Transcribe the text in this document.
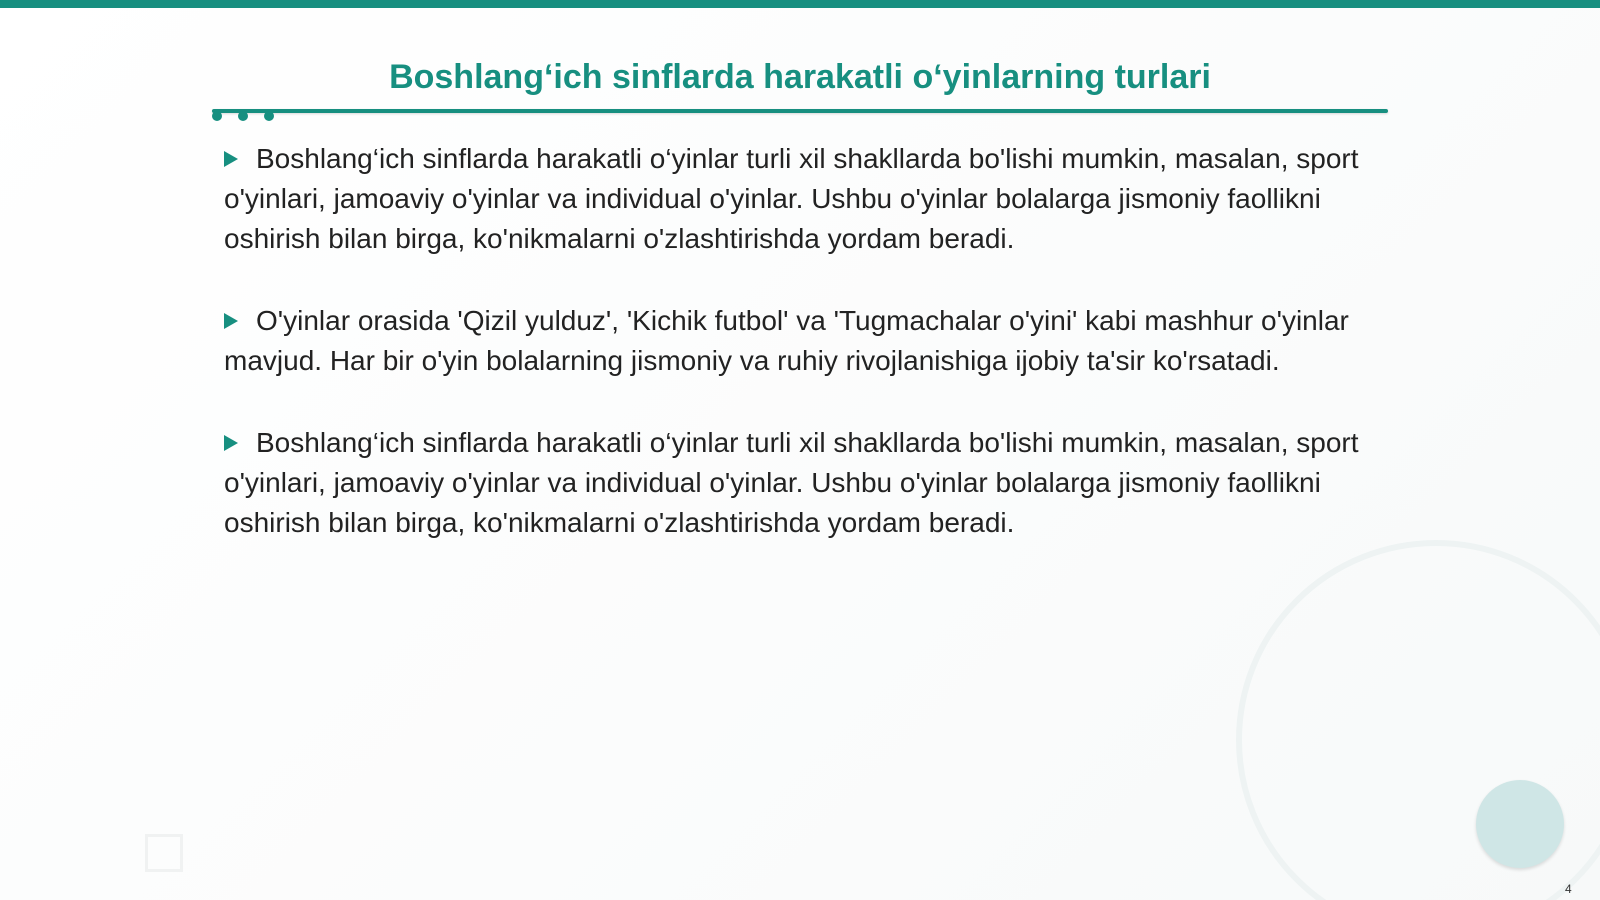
Boshlang‘ich sinflarda harakatli o‘yinlarning turlari

Boshlang‘ich sinflarda harakatli o‘yinlar turli xil shakllarda bo'lishi mumkin, masalan, sport o'yinlari, jamoaviy o'yinlar va individual o'yinlar. Ushbu o'yinlar bolalarga jismoniy faollikni oshirish bilan birga, ko'nikmalarni o'zlashtirishda yordam beradi.

O'yinlar orasida 'Qizil yulduz', 'Kichik futbol' va 'Tugmachalar o'yini' kabi mashhur o'yinlar mavjud. Har bir o'yin bolalarning jismoniy va ruhiy rivojlanishiga ijobiy ta'sir ko'rsatadi.

Boshlang‘ich sinflarda harakatli o‘yinlar turli xil shakllarda bo'lishi mumkin, masalan, sport o'yinlari, jamoaviy o'yinlar va individual o'yinlar. Ushbu o'yinlar bolalarga jismoniy faollikni oshirish bilan birga, ko'nikmalarni o'zlashtirishda yordam beradi.

4
